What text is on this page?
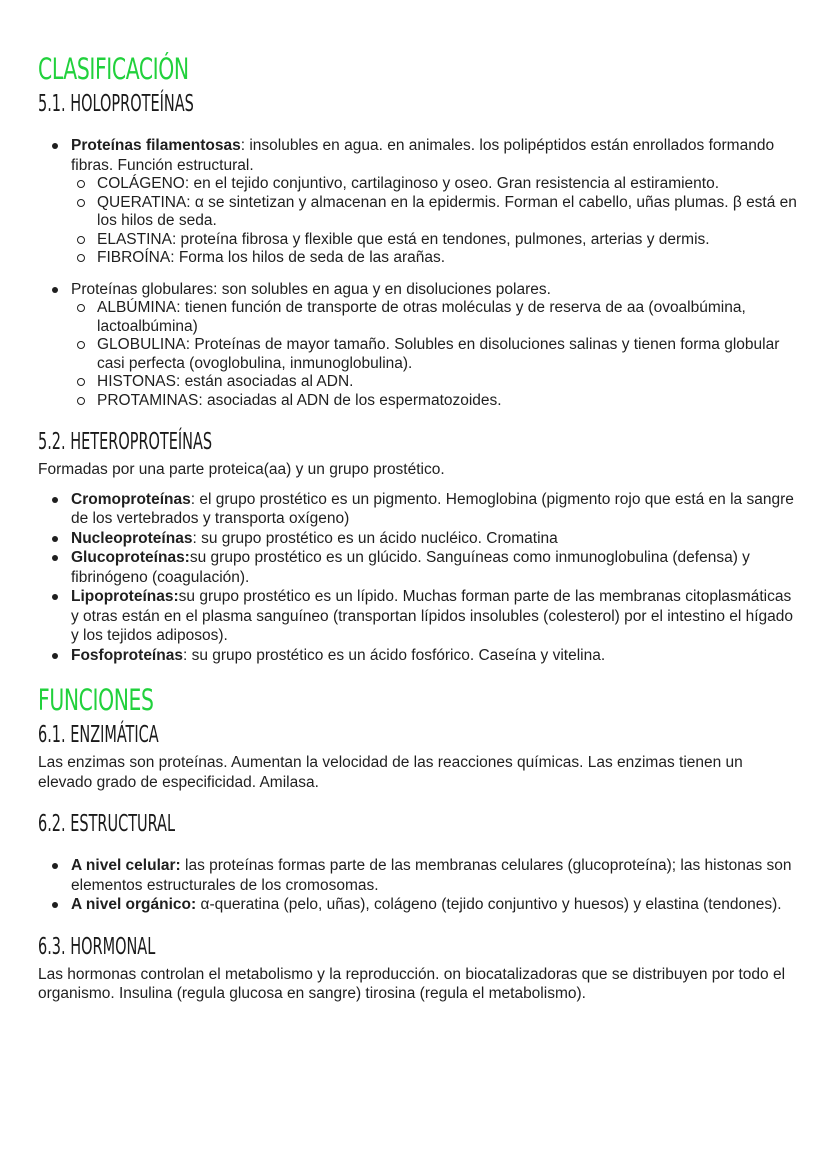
CLASIFICACIÓN
5.1. HOLOPROTEÍNAS
Proteínas filamentosas: insolubles en agua. en animales. los polipéptidos están enrollados formando fibras. Función estructural.
COLÁGENO: en el tejido conjuntivo, cartilaginoso y oseo. Gran resistencia al estiramiento.
QUERATINA: α se sintetizan y almacenan en la epidermis. Forman el cabello, uñas plumas. β está en los hilos de seda.
ELASTINA: proteína fibrosa y flexible que está en tendones, pulmones, arterias y dermis.
FIBROÍNA: Forma los hilos de seda de las arañas.
Proteínas globulares: son solubles en agua y en disoluciones polares.
ALBÚMINA: tienen función de transporte de otras moléculas y de reserva de aa (ovoalbúmina, lactoalbúmina)
GLOBULINA: Proteínas de mayor tamaño. Solubles en disoluciones salinas y tienen forma globular casi perfecta (ovoglobulina, inmunoglobulina).
HISTONAS: están asociadas al ADN.
PROTAMINAS: asociadas al ADN de los espermatozoides.
5.2. HETEROPROTEÍNAS

Formadas por una parte proteica(aa) y un grupo prostético.

Cromoproteínas: el grupo prostético es un pigmento. Hemoglobina (pigmento rojo que está en la sangre de los vertebrados y transporta oxígeno)
Nucleoproteínas: su grupo prostético es un ácido nucléico. Cromatina
Glucoproteínas:su grupo prostético es un glúcido. Sanguíneas como inmunoglobulina (defensa) y fibrinógeno (coagulación).
Lipoproteínas:su grupo prostético es un lípido. Muchas forman parte de las membranas citoplasmáticas y otras están en el plasma sanguíneo (transportan lípidos insolubles (colesterol) por el intestino el hígado y los tejidos adiposos).
Fosfoproteínas: su grupo prostético es un ácido fosfórico. Caseína y vitelina.
FUNCIONES
6.1. ENZIMÁTICA

Las enzimas son proteínas. Aumentan la velocidad de las reacciones químicas. Las enzimas tienen un elevado grado de especificidad. Amilasa.

6.2. ESTRUCTURAL
A nivel celular: las proteínas formas parte de las membranas celulares (glucoproteína); las histonas son elementos estructurales de los cromosomas.
A nivel orgánico: α-queratina (pelo, uñas), colágeno (tejido conjuntivo y huesos) y elastina (tendones).
6.3. HORMONAL

Las hormonas controlan el metabolismo y la reproducción. on biocatalizadoras que se distribuyen por todo el organismo. Insulina (regula glucosa en sangre) tirosina (regula el metabolismo).
